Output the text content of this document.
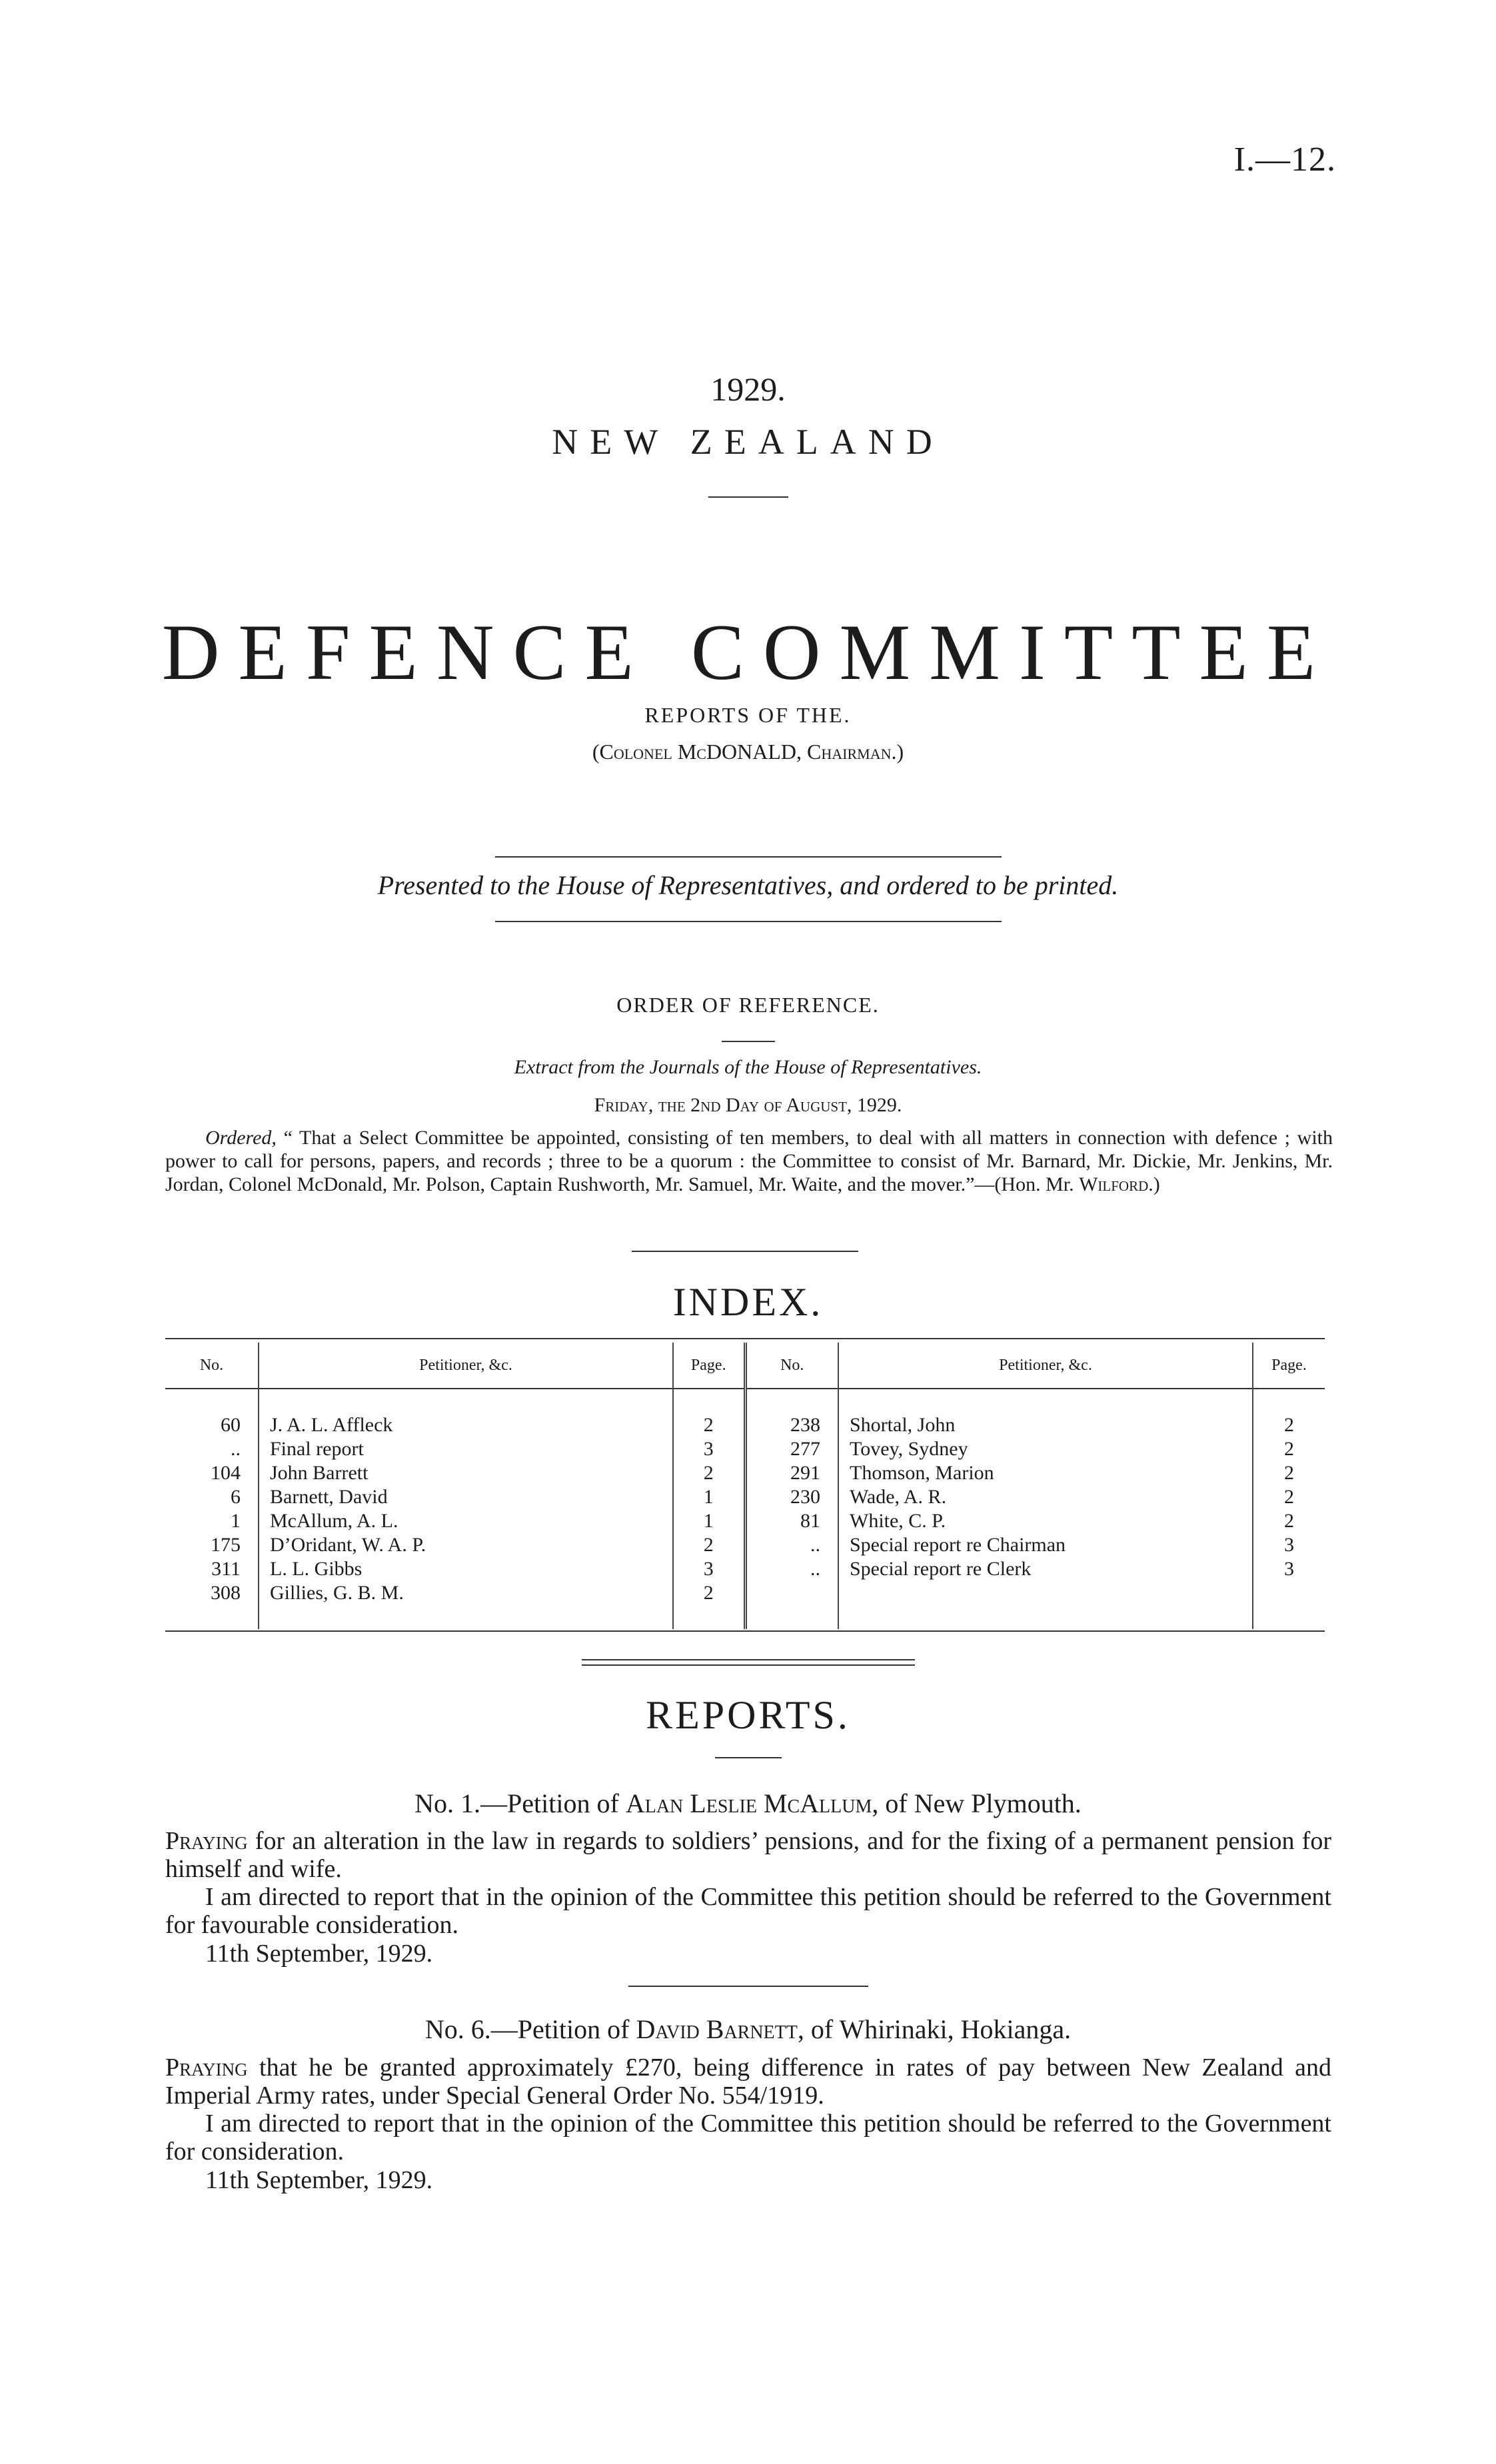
I.—12.
1929.
NEW ZEALAND
DEFENCE COMMITTEE
REPORTS OF THE.
(Colonel McDONALD, Chairman.)
Presented to the House of Representatives, and ordered to be printed.
ORDER OF REFERENCE.
Extract from the Journals of the House of Representatives.
Friday, the 2nd Day of August, 1929.
Ordered, “ That a Select Committee be appointed, consisting of ten members, to deal with all matters in connection with defence ; with power to call for persons, papers, and records ; three to be a quorum : the Committee to consist of Mr. Barnard, Mr. Dickie, Mr. Jenkins, Mr. Jordan, Colonel McDonald, Mr. Polson, Captain Rushworth, Mr. Samuel, Mr. Waite, and the mover.”—(Hon. Mr. Wilford.)
INDEX.
No.	Petitioner, &c.	Page.	No.	Petitioner, &c.	Page.

60	J. A. L. Affleck	2	238	Shortal, John	2
..	Final report	3	277	Tovey, Sydney	2
104	John Barrett	2	291	Thomson, Marion	2
6	Barnett, David	1	230	Wade, A. R.	2
1	McAllum, A. L.	1	81	White, C. P.	2
175	D’Oridant, W. A. P.	2	..	Special report re Chairman	3
311	L. L. Gibbs	3	..	Special report re Clerk	3
308	Gillies, G. B. M.	2			

REPORTS.
No. 1.—Petition of Alan Leslie McAllum, of New Plymouth.
Praying for an alteration in the law in regards to soldiers’ pensions, and for the fixing of a permanent pension for himself and wife.
I am directed to report that in the opinion of the Committee this petition should be referred to the Government for favourable consideration.
11th September, 1929.
No. 6.—Petition of David Barnett, of Whirinaki, Hokianga.
Praying that he be granted approximately £270, being difference in rates of pay between New Zealand and Imperial Army rates, under Special General Order No. 554/1919.
I am directed to report that in the opinion of the Committee this petition should be referred to the Government for consideration.
11th September, 1929.
